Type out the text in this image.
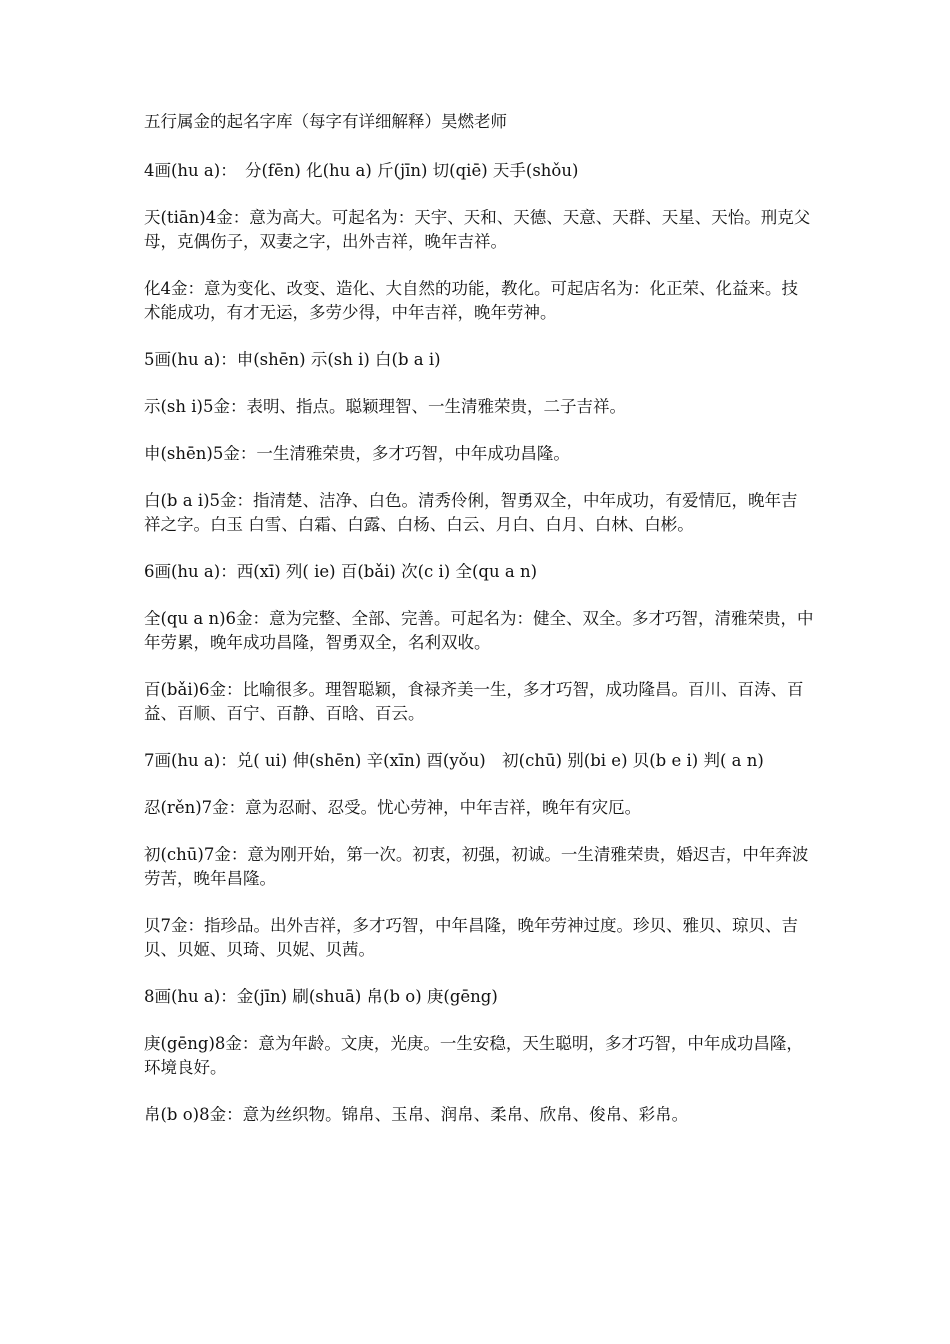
五行属金的起名字库（每字有详细解释）昊燃老师

4画(hu a)：　分(fēn) 化(hu a) 斤(jīn) 切(qiē) 天手(shǒu)

天(tiān)4金：意为高大。可起名为：天宇、天和、天德、天意、天群、天星、天怡。刑克父母，克偶伤子，双妻之字，出外吉祥，晚年吉祥。

化4金：意为变化、改变、造化、大自然的功能，教化。可起店名为：化正荣、化益来。技术能成功，有才无运，多劳少得，中年吉祥，晚年劳神。

5画(hu a)：申(shēn) 示(sh i) 白(b a i)

示(sh i)5金：表明、指点。聪颖理智、一生清雅荣贵，二子吉祥。

申(shēn)5金：一生清雅荣贵，多才巧智，中年成功昌隆。

白(b a i)5金：指清楚、洁净、白色。清秀伶俐，智勇双全，中年成功，有爱情厄，晚年吉祥之字。白玉 白雪、白霜、白露、白杨、白云、月白、白月、白林、白彬。

6画(hu a)：西(xī) 列( ie) 百(bǎi) 次(c i) 全(qu a n)

全(qu a n)6金：意为完整、全部、完善。可起名为：健全、双全。多才巧智，清雅荣贵，中年劳累，晚年成功昌隆，智勇双全，名利双收。

百(bǎi)6金：比喻很多。理智聪颖，食禄齐美一生，多才巧智，成功隆昌。百川、百涛、百益、百顺、百宁、百静、百晗、百云。

7画(hu a)：兑( ui) 伸(shēn) 辛(xīn) 酉(yǒu)　初(chū) 别(bi e) 贝(b e i) 判( a n)

忍(rěn)7金：意为忍耐、忍受。忧心劳神，中年吉祥，晚年有灾厄。

初(chū)7金：意为刚开始，第一次。初衷，初强，初诚。一生清雅荣贵，婚迟吉，中年奔波劳苦，晚年昌隆。

贝7金：指珍品。出外吉祥，多才巧智，中年昌隆，晚年劳神过度。珍贝、雅贝、琼贝、吉贝、贝姬、贝琦、贝妮、贝茜。

8画(hu a)：金(jīn) 刷(shuā) 帛(b o) 庚(gēng)

庚(gēng)8金：意为年龄。文庚，光庚。一生安稳，天生聪明，多才巧智，中年成功昌隆，环境良好。

帛(b o)8金：意为丝织物。锦帛、玉帛、润帛、柔帛、欣帛、俊帛、彩帛。
